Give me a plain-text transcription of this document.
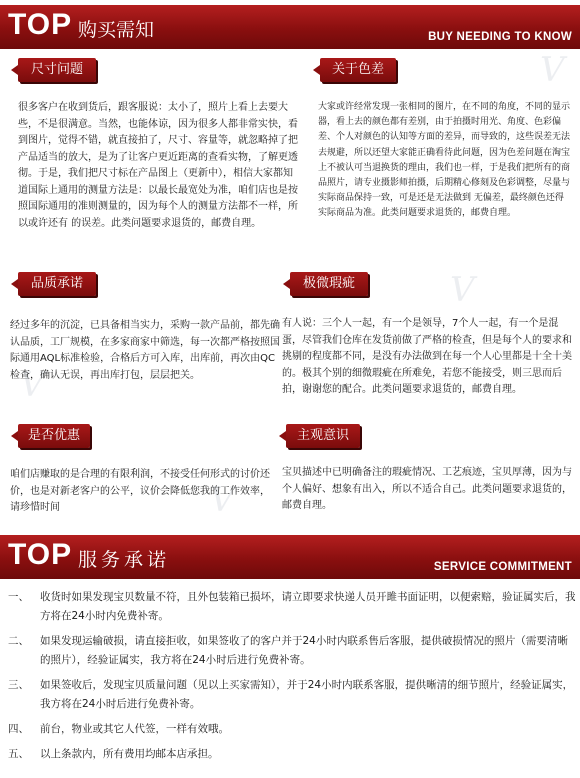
TOP 购买需知	BUY NEEDING TO KNOW
V
V
V
V
尺寸问题
很多客户在收到货后，跟客服说：太小了，照片上看上去要大些，不是很满意。当然，也能体谅，因为很多人都非常实快，看到图片，觉得不错，就直接拍了，尺寸、容量等，就忽略掉了把产品适当的放大，是为了让客户更近距离的查看实物，了解更透彻。于是，我们把尺寸标在产品图上（更新中），相信大家都知道国际上通用的测量方法是：以最长最宽处为准，咱们店也是按照国际通用的准则测量的，因为每个人的测量方法都不一样，所以或许还有 的误差。此类问题要求退货的，邮费自理。
关于色差
大家或许经常发现一张相同的图片，在不同的角度，不同的显示器，看上去的颜色都有差别，由于拍摄时用光、角度、色彩偏差、个人对颜色的认知等方面的差异，而导致的，这些误差无法去规避，所以还望大家能正确看待此问题，因为色差问题在淘宝上不被认可当退换货的理由，我们也一样，于是我们把所有的商品照片，请专业摄影师拍摄，后期精心修刻及色彩调整，尽量与实际商品保持一致，可是还是无法做到 无偏差，最终颜色还得实际商品为准。此类问题要求退货的，邮费自理。
品质承诺
经过多年的沉淀，已具备相当实力，采购一款产品前，都先确认品质，工厂规模，在多家商家中筛选，每一次都严格按照国际通用AQL标准检验，合格后方可入库，出库前，再次由QC检查，确认无误，再出库打包，层层把关。
极微瑕疵
有人说：三个人一起，有一个是领导，7个人一起，有一个是混蛋，尽管我们仓库在发货前做了严格的检查，但是每个人的要求和挑剔的程度都不同，是没有办法做到在每一个人心里都是十全十美的。极其个别的细微瑕疵在所难免，若您不能接受，则三思而后拍，谢谢您的配合。此类问题要求退货的，邮费自理。
是否优惠
咱们店赚取的是合理的有限利润，不接受任何形式的讨价还价，也是对新老客户的公平，议价会降低您我的工作效率，请珍惜时间
主观意识
宝贝描述中已明确备注的瑕疵情况、工艺痕迹，宝贝厚薄，因为与个人偏好、想象有出入，所以不适合自己。此类问题要求退货的，邮费自理。
TOP 服务承诺	SERVICE COMMITMENT
一、 收货时如果发现宝贝数量不符，且外包装箱已损坏，请立即要求快递人员开雎书面证明，以便索赔，验证属实后，我方将在24小时内免费补寄。
二、 如果发现运输破损，请直接拒收，如果签收了的客户并于24小时内联系售后客服，提供破损情况的照片（需要清晰的照片），经验证属实，我方将在24小时后进行免费补寄。
三、 如果签收后，发现宝贝质量问题（见以上买家需知），并于24小时内联系客服，提供晰清的细节照片，经验证属实，我方将在24小时后进行免费补寄。
四、 前台，物业或其它人代签，一样有效哦。
五、 以上条款内，所有费用均邮本店承担。
